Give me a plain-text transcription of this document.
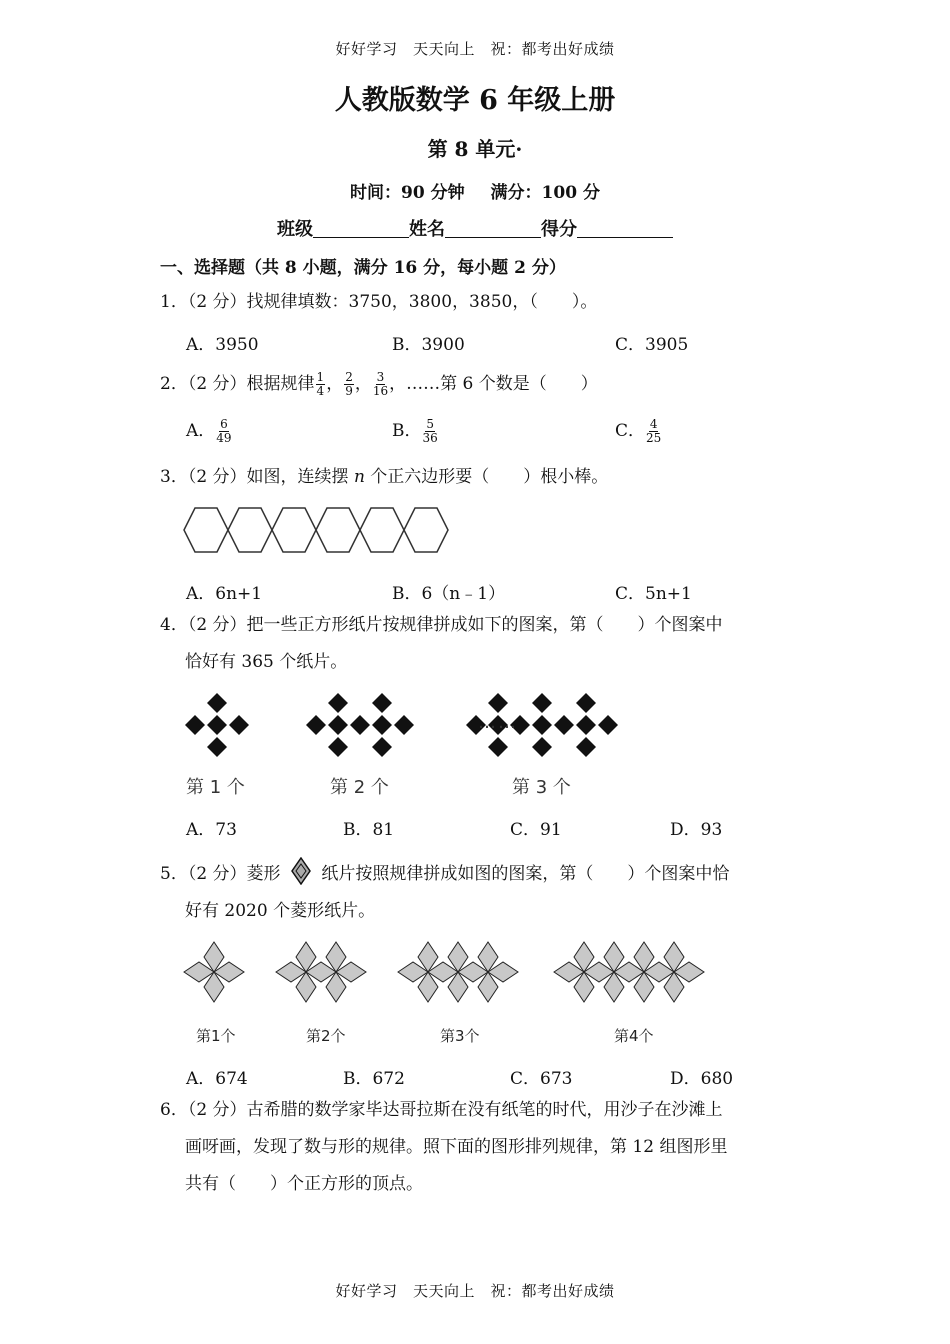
好好学习　天天向上　祝：都考出好成绩
人教版数学 6 年级上册
第 8 单元·
时间：90 分钟 满分：100 分
班级	姓名	得分
一、选择题（共 8 小题，满分 16 分，每小题 2 分）
1．（2 分）找规律填数：3750，3800，3850，（　　）。
A．3950	B．3900	C．3905
2．（2 分）根据规律 $\frac{1}{4}$ ， $\frac{2}{9}$ ， $\frac{3}{16}$ ，……第 6 个数是（　　）
A． $\frac{6}{49}$	B． $\frac{5}{36}$	C． $\frac{4}{25}$
3．（2 分）如图，连续摆 n 个正六边形要（　　）根小棒。
A．6n+1	B．6（n﹣1）	C．5n+1
4．（2 分）把一些正方形纸片按规律拼成如下的图案，第（　　）个图案中
恰好有 365 个纸片。
……
第 1 个	第 2 个	第 3 个
A．73	B．81	C．91	D．93
5．（2 分）菱形 纸片按照规律拼成如图的图案，第（　　）个图案中恰
好有 2020 个菱形纸片。
第1个	第2个	第3个	第4个
A．674	B．672	C．673	D．680
6．（2 分）古希腊的数学家毕达哥拉斯在没有纸笔的时代，用沙子在沙滩上
画呀画，发现了数与形的规律。照下面的图形排列规律，第 12 组图形里
共有（　　）个正方形的顶点。
好好学习　天天向上　祝：都考出好成绩
